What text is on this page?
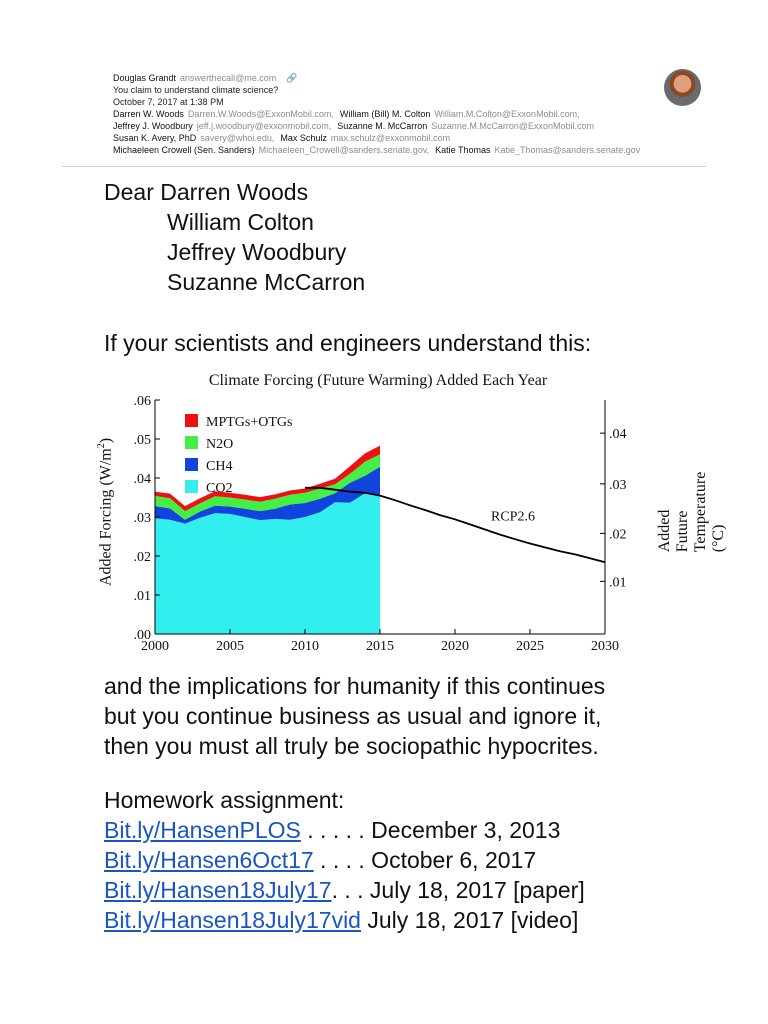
Douglas Grandt answerthecall@me.com 🔗
You claim to understand climate science?
October 7, 2017 at 1:38 PM
Darren W. Woods Darren.W.Woods@ExxonMobil.com, William (Bill) M. Colton William.M.Colton@ExxonMobil.com,
Jeffrey J. Woodbury jeff.j.woodbury@exxonmobil.com, Suzanne M. McCarron Suzanne.M.McCarron@ExxonMobil.com
Susan K. Avery, PhD savery@whoi.edu, Max Schulz max.schulz@exxonmobil.com
Michaeleen Crowell (Sen. Sanders) Michaeleen_Crowell@sanders.senate.gov, Katie Thomas Katie_Thomas@sanders.senate.gov
Dear Darren Woods
William Colton
Jeffrey Woodbury
Suzanne McCarron
If your scientists and engineers understand this:
Climate Forcing (Future Warming) Added Each Year
Added Forcing $(W/m^2)$
Added Future Temperature (°C)
RCP2.6
.00
.01
.02
.03
.04
.05
.06
.01
.02
.03
.04
2000	2005	2010	2015	2020	2025	2030
MPTGs+OTGs
N2O
CH4
CO2
and the implications for humanity if this continues
but you continue business as usual and ignore it,
then you must all truly be sociopathic hypocrites.
Homework assignment:
Bit.ly/HansenPLOS . . . . . December 3, 2013
Bit.ly/Hansen6Oct17 . . . . October 6, 2017
Bit.ly/Hansen18July17. . . July 18, 2017 [paper]
Bit.ly/Hansen18July17vid July 18, 2017 [video]
